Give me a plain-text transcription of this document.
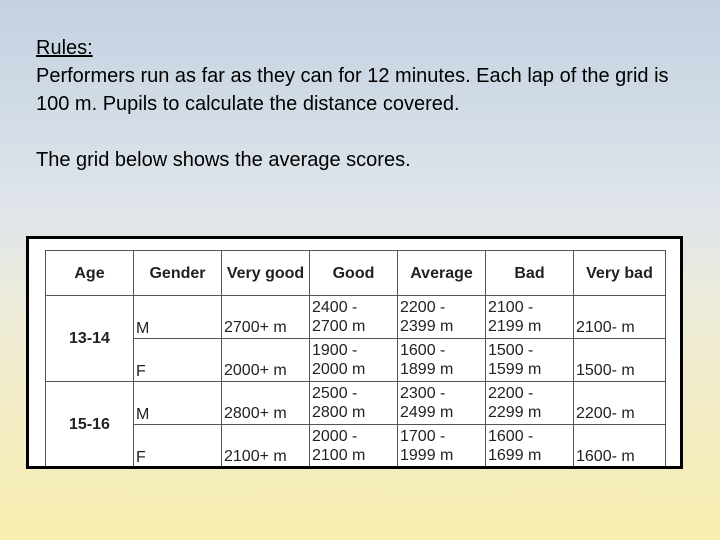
Rules:
Performers run as far as they can for 12 minutes. Each lap of the grid is 100 m. Pupils to calculate the distance covered.
The grid below shows the average scores.
Age	Gender	Very good	Good	Average	Bad	Very bad
13-14	M	2700+ m	2400 - 2700 m	2200 - 2399 m	2100 - 2199 m	2100- m
	F	2000+ m	1900 - 2000 m	1600 - 1899 m	1500 - 1599 m	1500- m
15-16	M	2800+ m	2500 - 2800 m	2300 - 2499 m	2200 - 2299 m	2200- m
	F	2100+ m	2000 - 2100 m	1700 - 1999 m	1600 - 1699 m	1600- m
